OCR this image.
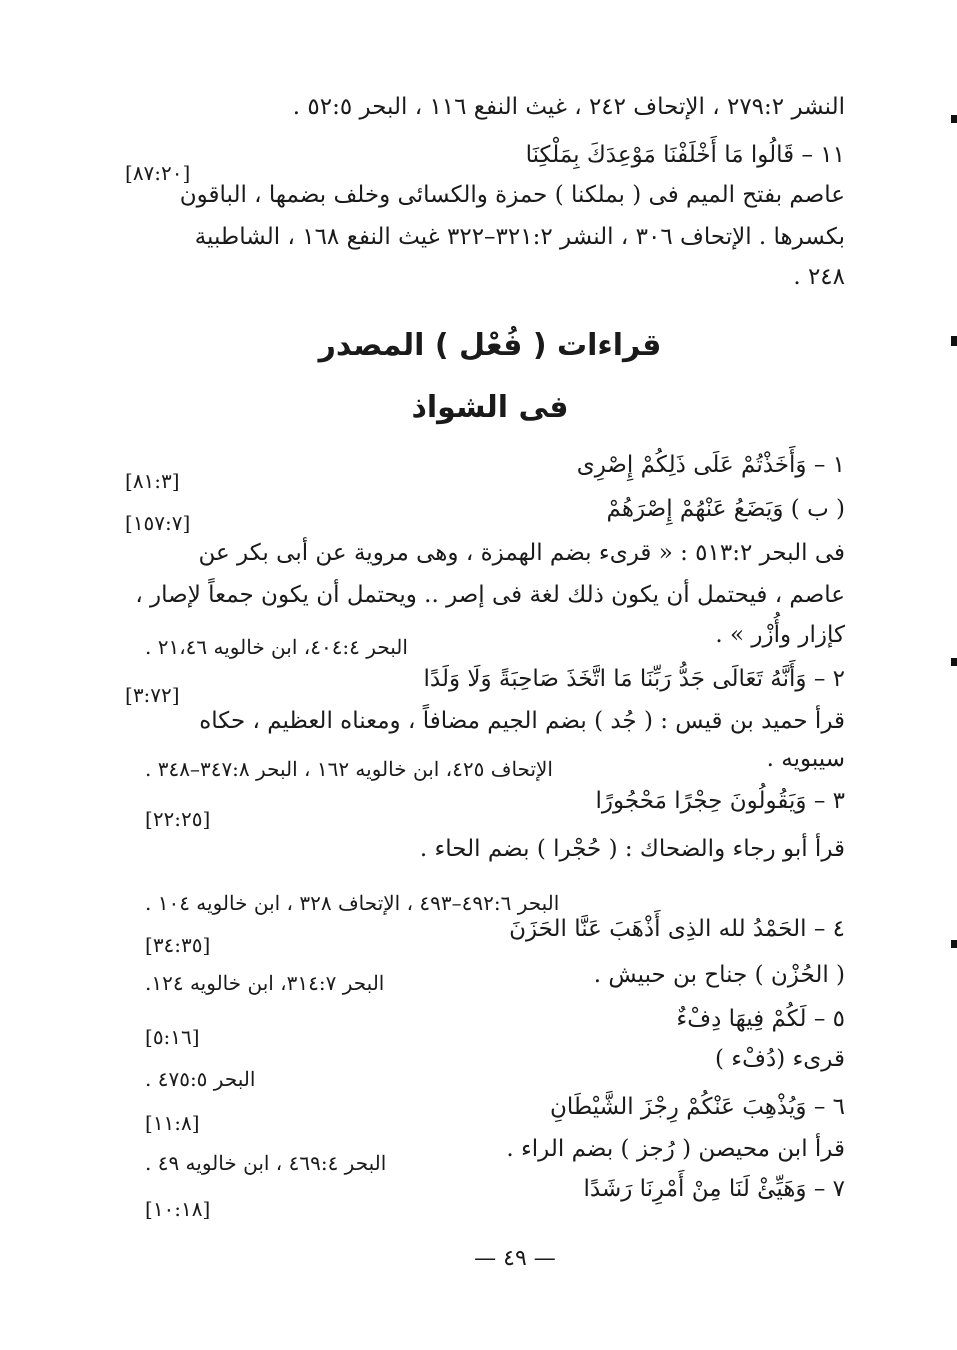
النشر ٢٧٩:٢ ، الإتحاف ٢٤٢ ، غيث النفع ١١٦ ، البحر ٥٢:٥ .
١١ – قَالُوا مَا أَخْلَفْنَا مَوْعِدَكَ بِمَلْكِنَا
[٨٧:٢٠]
عاصم بفتح الميم فى ( بملكنا ) حمزة والكسائى وخلف بضمها ، الباقون
بكسرها . الإتحاف ٣٠٦ ، النشر ٣٢١:٢–٣٢٢ غيث النفع ١٦٨ ، الشاطبية
٢٤٨ .
قراءات ( فُعْل ) المصدر
فى الشواذ
١ – وَأَخَذْتُمْ عَلَى ذَلِكُمْ إِصْرِى
[٨١:٣]
( ب ) وَيَضَعُ عَنْهُمْ إِصْرَهُمْ
[١٥٧:٧]
فى البحر ٥١٣:٢ : « قرىء بضم الهمزة ، وهى مروية عن أبى بكر عن
عاصم ، فيحتمل أن يكون ذلك لغة فى إصر .. ويحتمل أن يكون جمعاً لإصار ،
كإزار وأُزْر » .
البحر ٤٠٤:٤، ابن خالويه ٢١،٤٦ .
٢ – وَأَنَّهُ تَعَالَى جَدُّ رَبِّنَا مَا اتَّخَذَ صَاحِبَةً وَلَا وَلَدًا
[٣:٧٢]
قرأ حميد بن قيس : ( جُد ) بضم الجيم مضافاً ، ومعناه العظيم ، حكاه
سيبويه .
الإتحاف ٤٢٥، ابن خالويه ١٦٢ ، البحر ٣٤٧:٨–٣٤٨ .
٣ – وَيَقُولُونَ حِجْرًا مَحْجُورًا
[٢٢:٢٥]
قرأ أبو رجاء والضحاك : ( حُجْرا ) بضم الحاء .
البحر ٤٩٢:٦–٤٩٣ ، الإتحاف ٣٢٨ ، ابن خالويه ١٠٤ .
٤ – الحَمْدُ لله الذِى أَذْهَبَ عَنَّا الحَزَنَ
[٣٤:٣٥]
( الحُزْن ) جناح بن حبيش .
البحر ٣١٤:٧، ابن خالويه ١٢٤.
٥ – لَكُمْ فِيهَا دِفْءٌ
[٥:١٦]
قرىء (دُفْء )
البحر ٤٧٥:٥ .
٦ – وَيُذْهِبَ عَنْكُمْ رِجْزَ الشَّيْطَانِ
[١١:٨]
قرأ ابن محيصن ( رُجز ) بضم الراء .
البحر ٤٦٩:٤ ، ابن خالويه ٤٩ .
٧ – وَهَيِّئْ لَنَا مِنْ أَمْرِنَا رَشَدًا
[١٠:١٨]
— ٤٩ —
